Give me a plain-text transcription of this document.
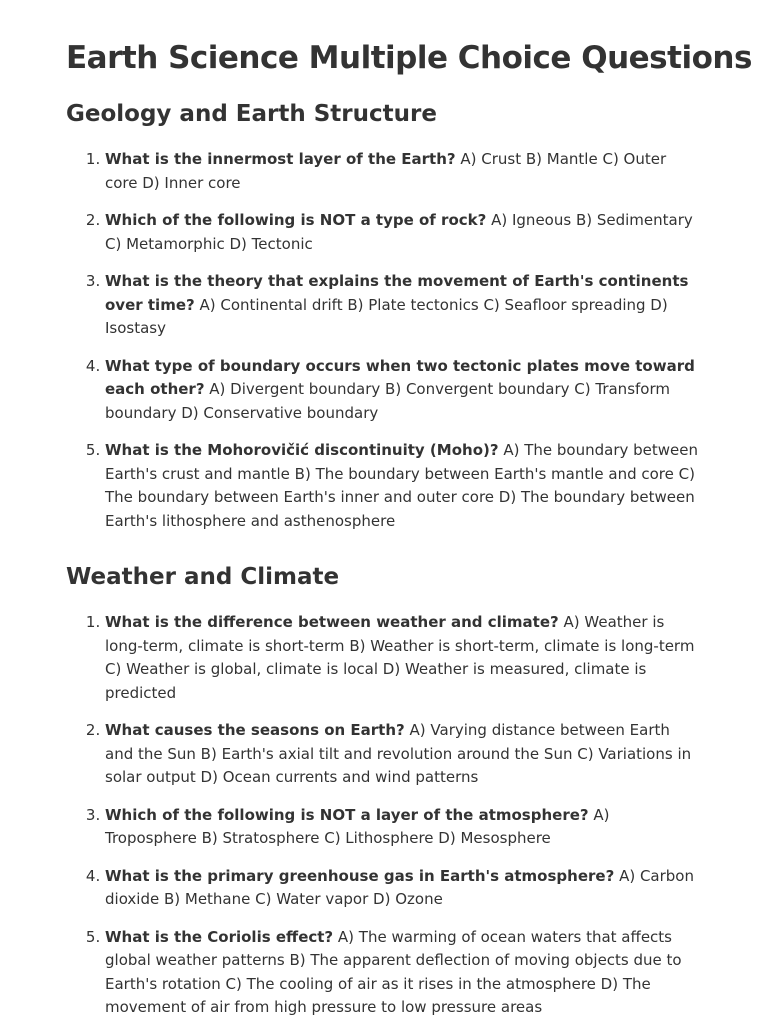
Earth Science Multiple Choice Questions
Geology and Earth Structure
1. What is the innermost layer of the Earth? A) Crust B) Mantle C) Outer core D) Inner core
2. Which of the following is NOT a type of rock? A) Igneous B) Sedimentary C) Metamorphic D) Tectonic
3. What is the theory that explains the movement of Earth's continents over time? A) Continental drift B) Plate tectonics C) Seafloor spreading D) Isostasy
4. What type of boundary occurs when two tectonic plates move toward each other? A) Divergent boundary B) Convergent boundary C) Transform boundary D) Conservative boundary
5. What is the Mohorovičić discontinuity (Moho)? A) The boundary between Earth's crust and mantle B) The boundary between Earth's mantle and core C) The boundary between Earth's inner and outer core D) The boundary between Earth's lithosphere and asthenosphere
Weather and Climate
1. What is the difference between weather and climate? A) Weather is long-term, climate is short-term B) Weather is short-term, climate is long-term C) Weather is global, climate is local D) Weather is measured, climate is predicted
2. What causes the seasons on Earth? A) Varying distance between Earth and the Sun B) Earth's axial tilt and revolution around the Sun C) Variations in solar output D) Ocean currents and wind patterns
3. Which of the following is NOT a layer of the atmosphere? A) Troposphere B) Stratosphere C) Lithosphere D) Mesosphere
4. What is the primary greenhouse gas in Earth's atmosphere? A) Carbon dioxide B) Methane C) Water vapor D) Ozone
5. What is the Coriolis effect? A) The warming of ocean waters that affects global weather patterns B) The apparent deflection of moving objects due to Earth's rotation C) The cooling of air as it rises in the atmosphere D) The movement of air from high pressure to low pressure areas
